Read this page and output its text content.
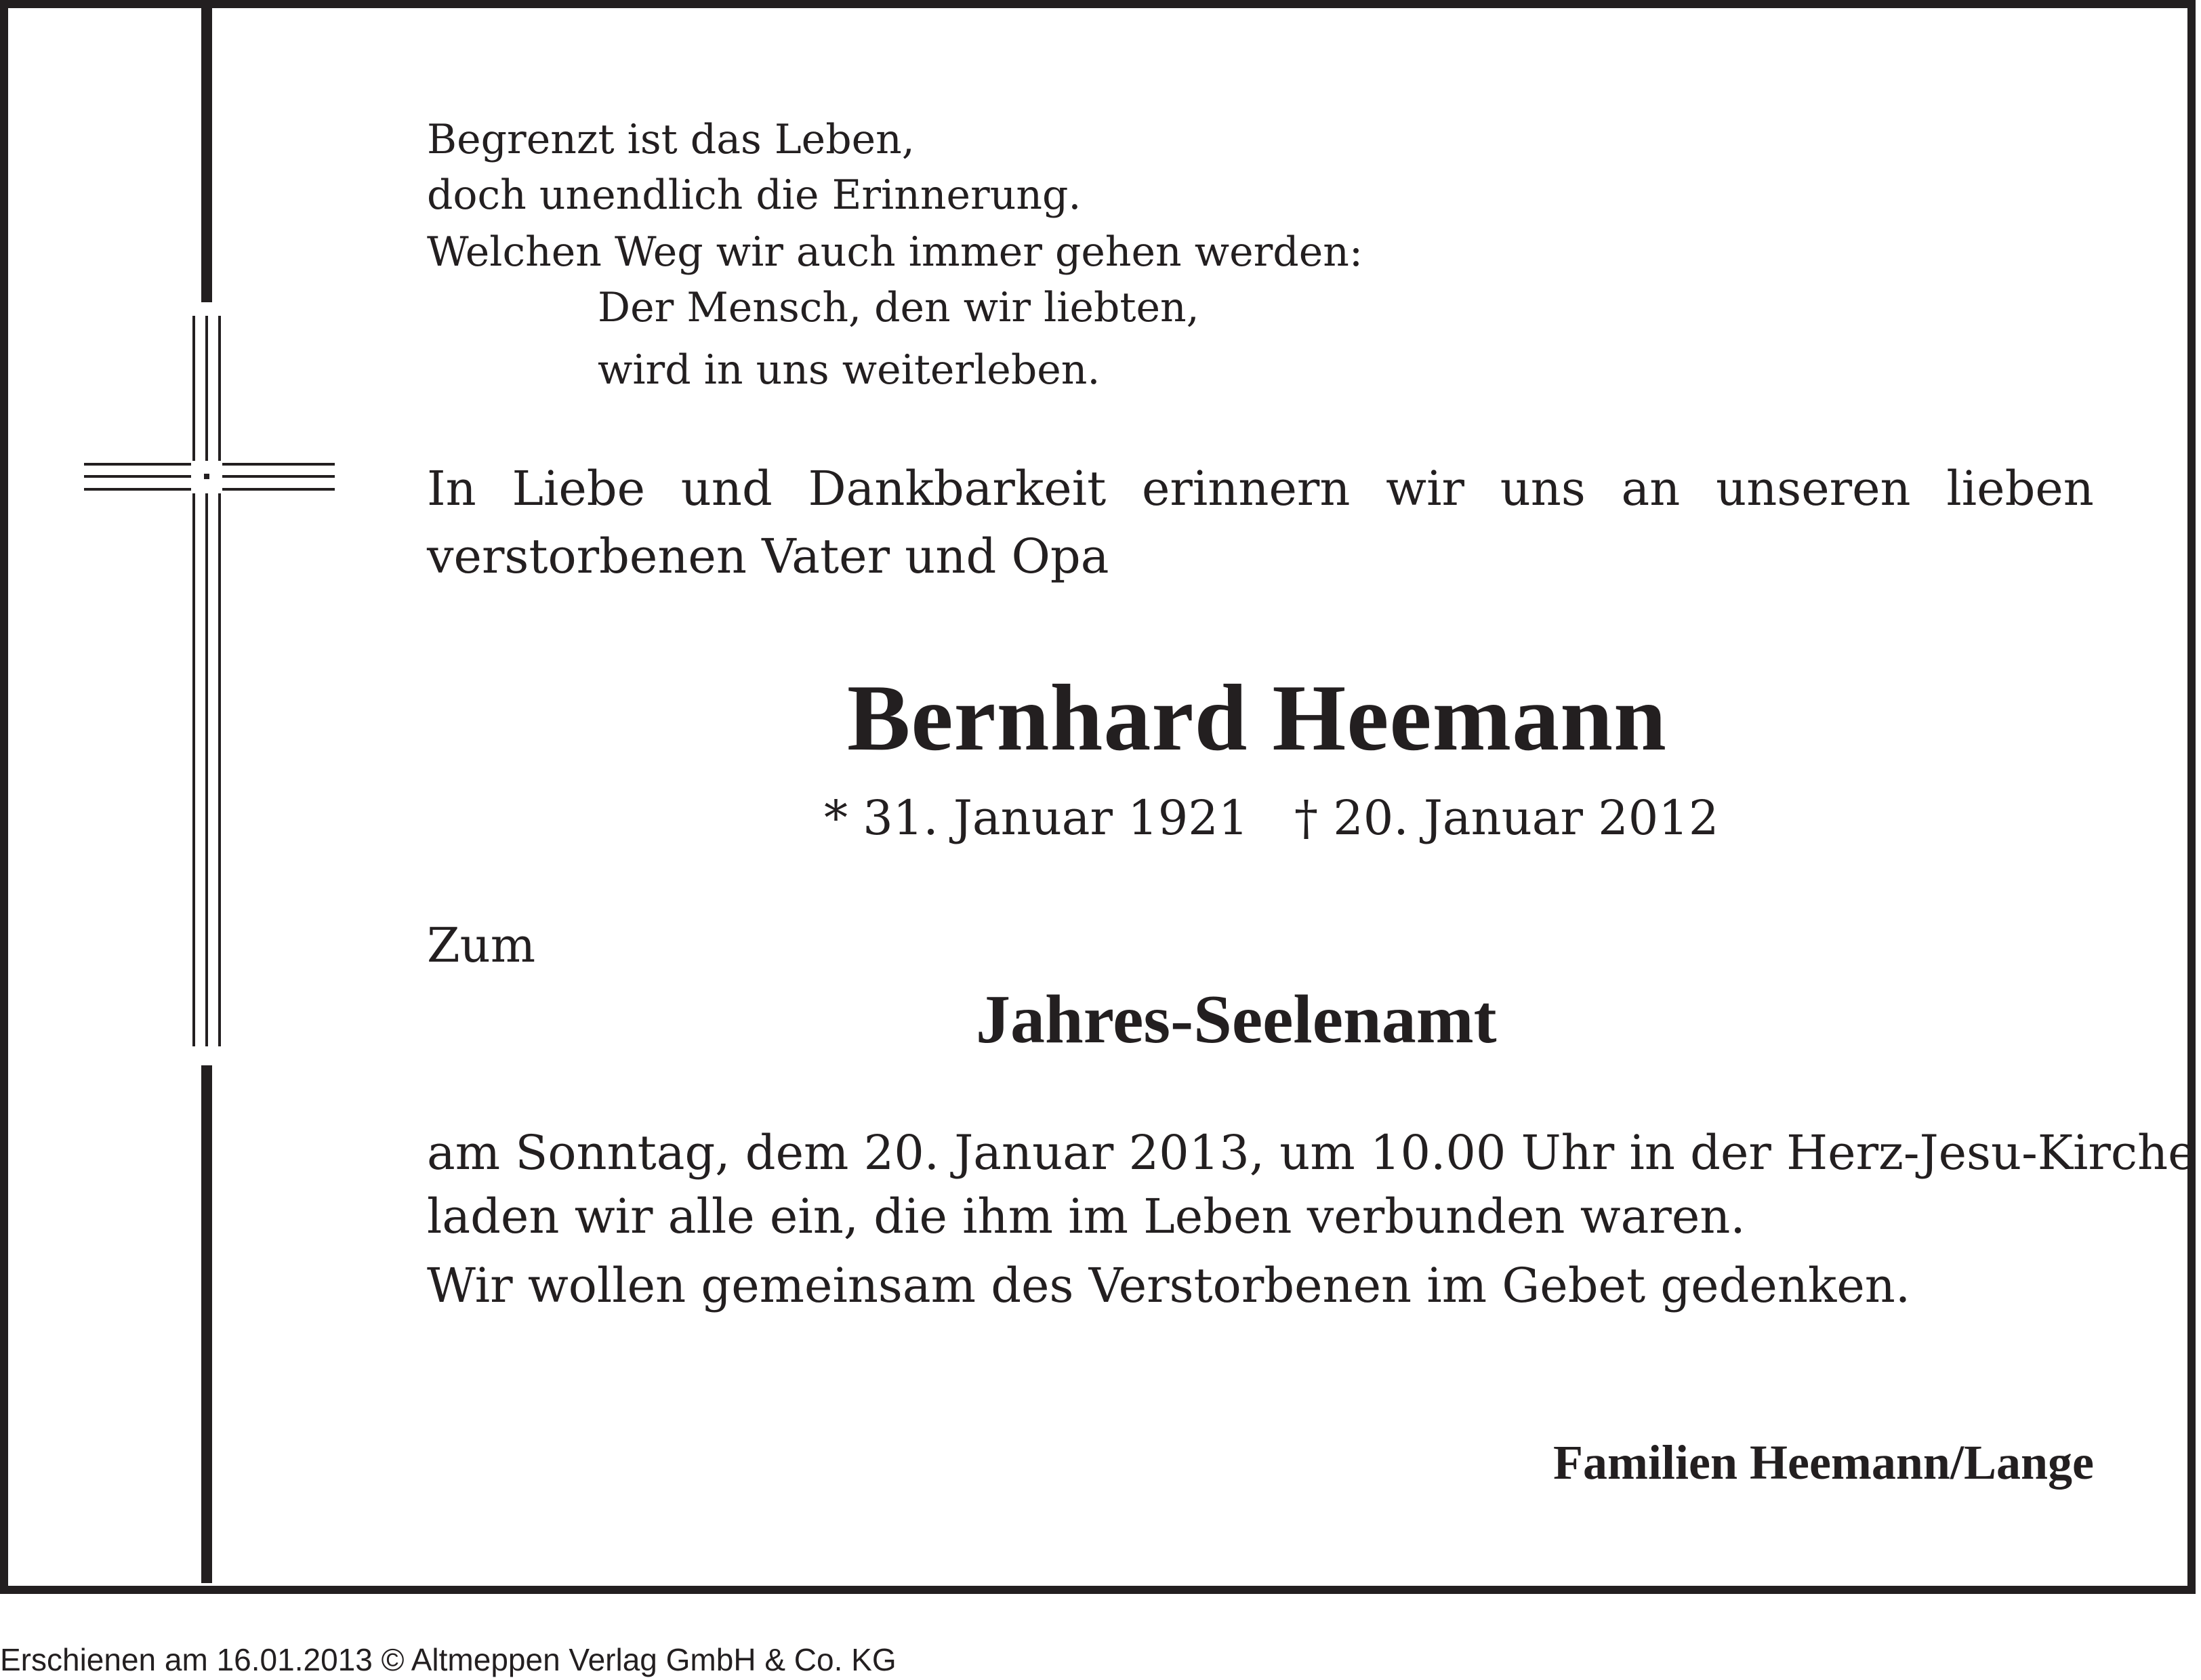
Begrenzt ist das Leben,
doch unendlich die Erinnerung.
Welchen Weg wir auch immer gehen werden:
Der Mensch, den wir liebten,
wird in uns weiterleben.
In Liebe und Dankbarkeit erinnern wir uns an unseren lieben
verstorbenen Vater und Opa
Bernhard Heemann
* 31. Januar 1921 † 20. Januar 2012
Zum
Jahres-Seelenamt
am Sonntag, dem 20. Januar 2013, um 10.00 Uhr in der Herz-Jesu-Kirche
laden wir alle ein, die ihm im Leben verbunden waren.
Wir wollen gemeinsam des Verstorbenen im Gebet gedenken.
Familien Heemann/Lange
Erschienen am 16.01.2013 © Altmeppen Verlag GmbH & Co. KG
